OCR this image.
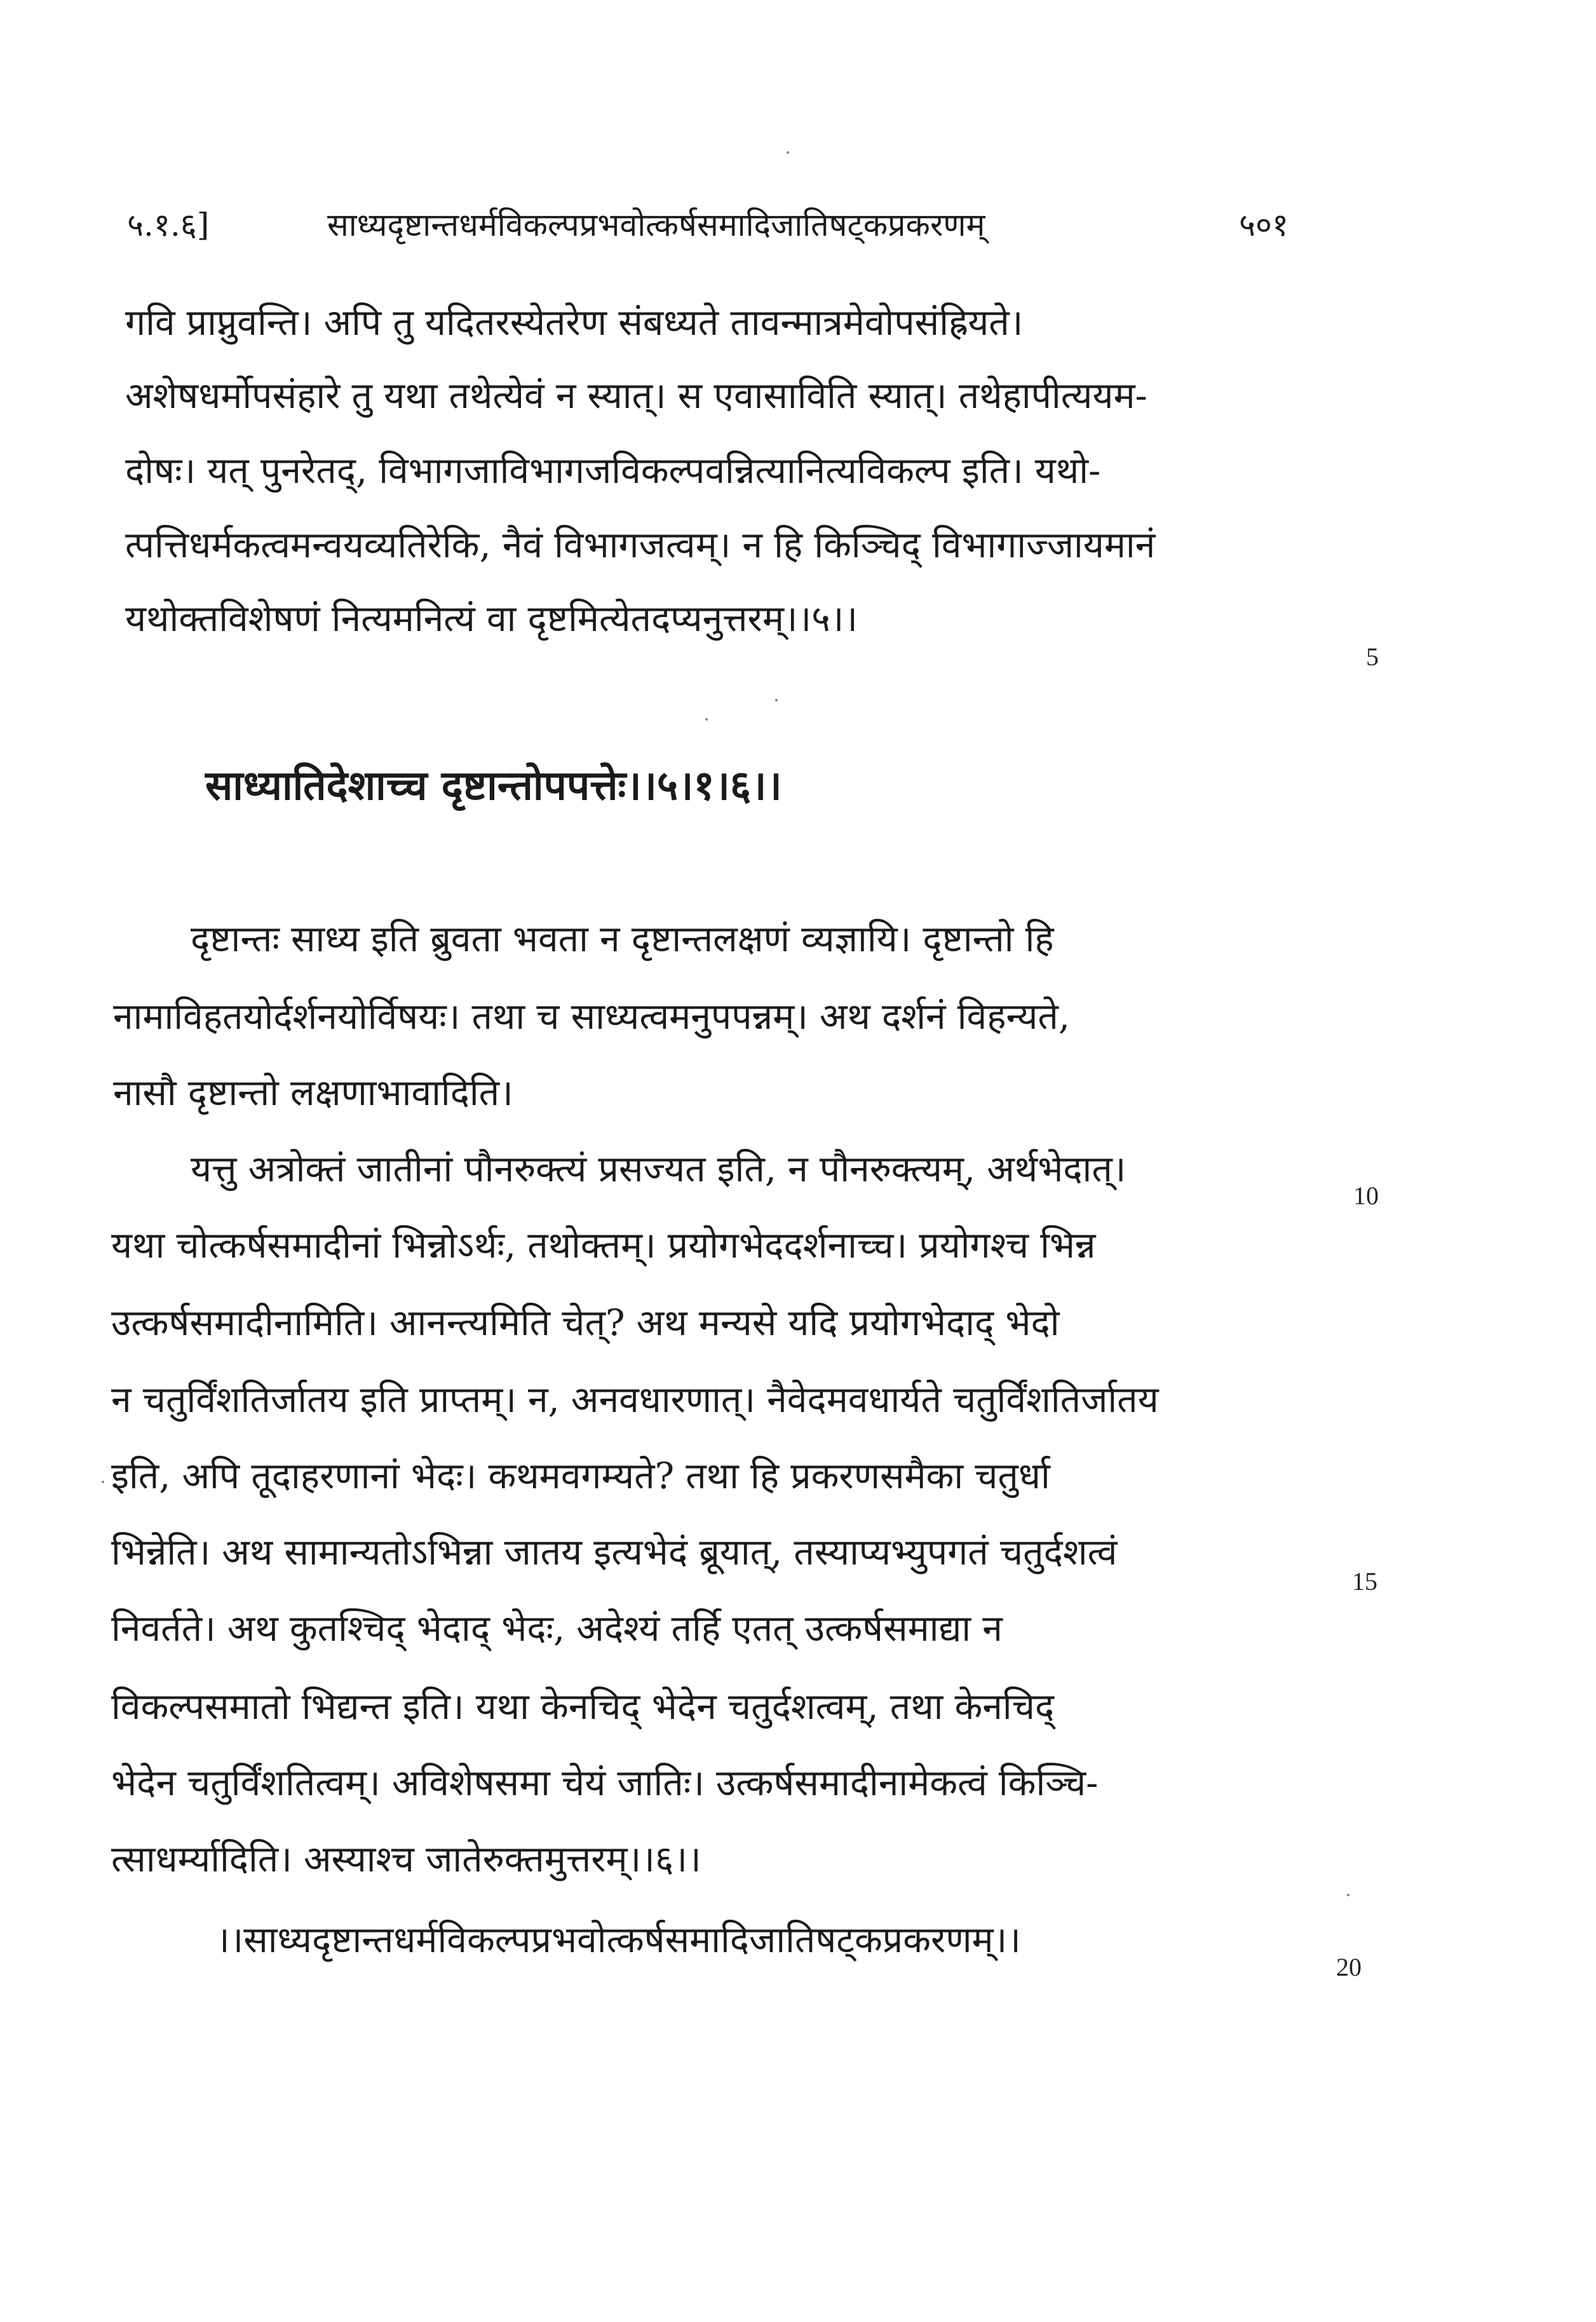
५.१.६]	साध्यदृष्टान्तधर्मविकल्पप्रभवोत्कर्षसमादिजातिषट्कप्रकरणम्	५०१
गवि प्राप्नुवन्ति। अपि तु यदितरस्येतरेण संबध्यते तावन्मात्रमेवोपसंह्रियते।
अशेषधर्मोपसंहारे तु यथा तथेत्येवं न स्यात्। स एवासाविति स्यात्। तथेहापीत्ययम-
दोषः। यत् पुनरेतद्, विभागजाविभागजविकल्पवन्नित्यानित्यविकल्प इति। यथो-
त्पत्तिधर्मकत्वमन्वयव्यतिरेकि, नैवं विभागजत्वम्। न हि किञ्चिद् विभागाज्जायमानं
यथोक्तविशेषणं नित्यमनित्यं वा दृष्टमित्येतदप्यनुत्तरम्।।५।।
5
साध्यातिदेशाच्च दृष्टान्तोपपत्तेः।।५।१।६।।
दृष्टान्तः साध्य इति ब्रुवता भवता न दृष्टान्तलक्षणं व्यज्ञायि। दृष्टान्तो हि
नामाविहतयोर्दर्शनयोर्विषयः। तथा च साध्यत्वमनुपपन्नम्। अथ दर्शनं विहन्यते,
नासौ दृष्टान्तो लक्षणाभावादिति।
यत्तु अत्रोक्तं जातीनां पौनरुक्त्यं प्रसज्यत इति, न पौनरुक्त्यम्, अर्थभेदात्।
10
यथा चोत्कर्षसमादीनां भिन्नोऽर्थः, तथोक्तम्। प्रयोगभेददर्शनाच्च। प्रयोगश्च भिन्न
उत्कर्षसमादीनामिति। आनन्त्यमिति चेत्? अथ मन्यसे यदि प्रयोगभेदाद् भेदो
न चतुर्विंशतिर्जातय इति प्राप्तम्। न, अनवधारणात्। नैवेदमवधार्यते चतुर्विंशतिर्जातय
इति, अपि तूदाहरणानां भेदः। कथमवगम्यते? तथा हि प्रकरणसमैका चतुर्धा
भिन्नेति। अथ सामान्यतोऽभिन्ना जातय इत्यभेदं ब्रूयात्, तस्याप्यभ्युपगतं चतुर्दशत्वं
15
निवर्तते। अथ कुतश्चिद् भेदाद् भेदः, अदेश्यं तर्हि एतत् उत्कर्षसमाद्या न
विकल्पसमातो भिद्यन्त इति। यथा केनचिद् भेदेन चतुर्दशत्वम्, तथा केनचिद्
भेदेन चतुर्विंशतित्वम्। अविशेषसमा चेयं जातिः। उत्कर्षसमादीनामेकत्वं किञ्चि-
त्साधर्म्यादिति। अस्याश्च जातेरुक्तमुत्तरम्।।६।।
।।साध्यदृष्टान्तधर्मविकल्पप्रभवोत्कर्षसमादिजातिषट्कप्रकरणम्।।
20
